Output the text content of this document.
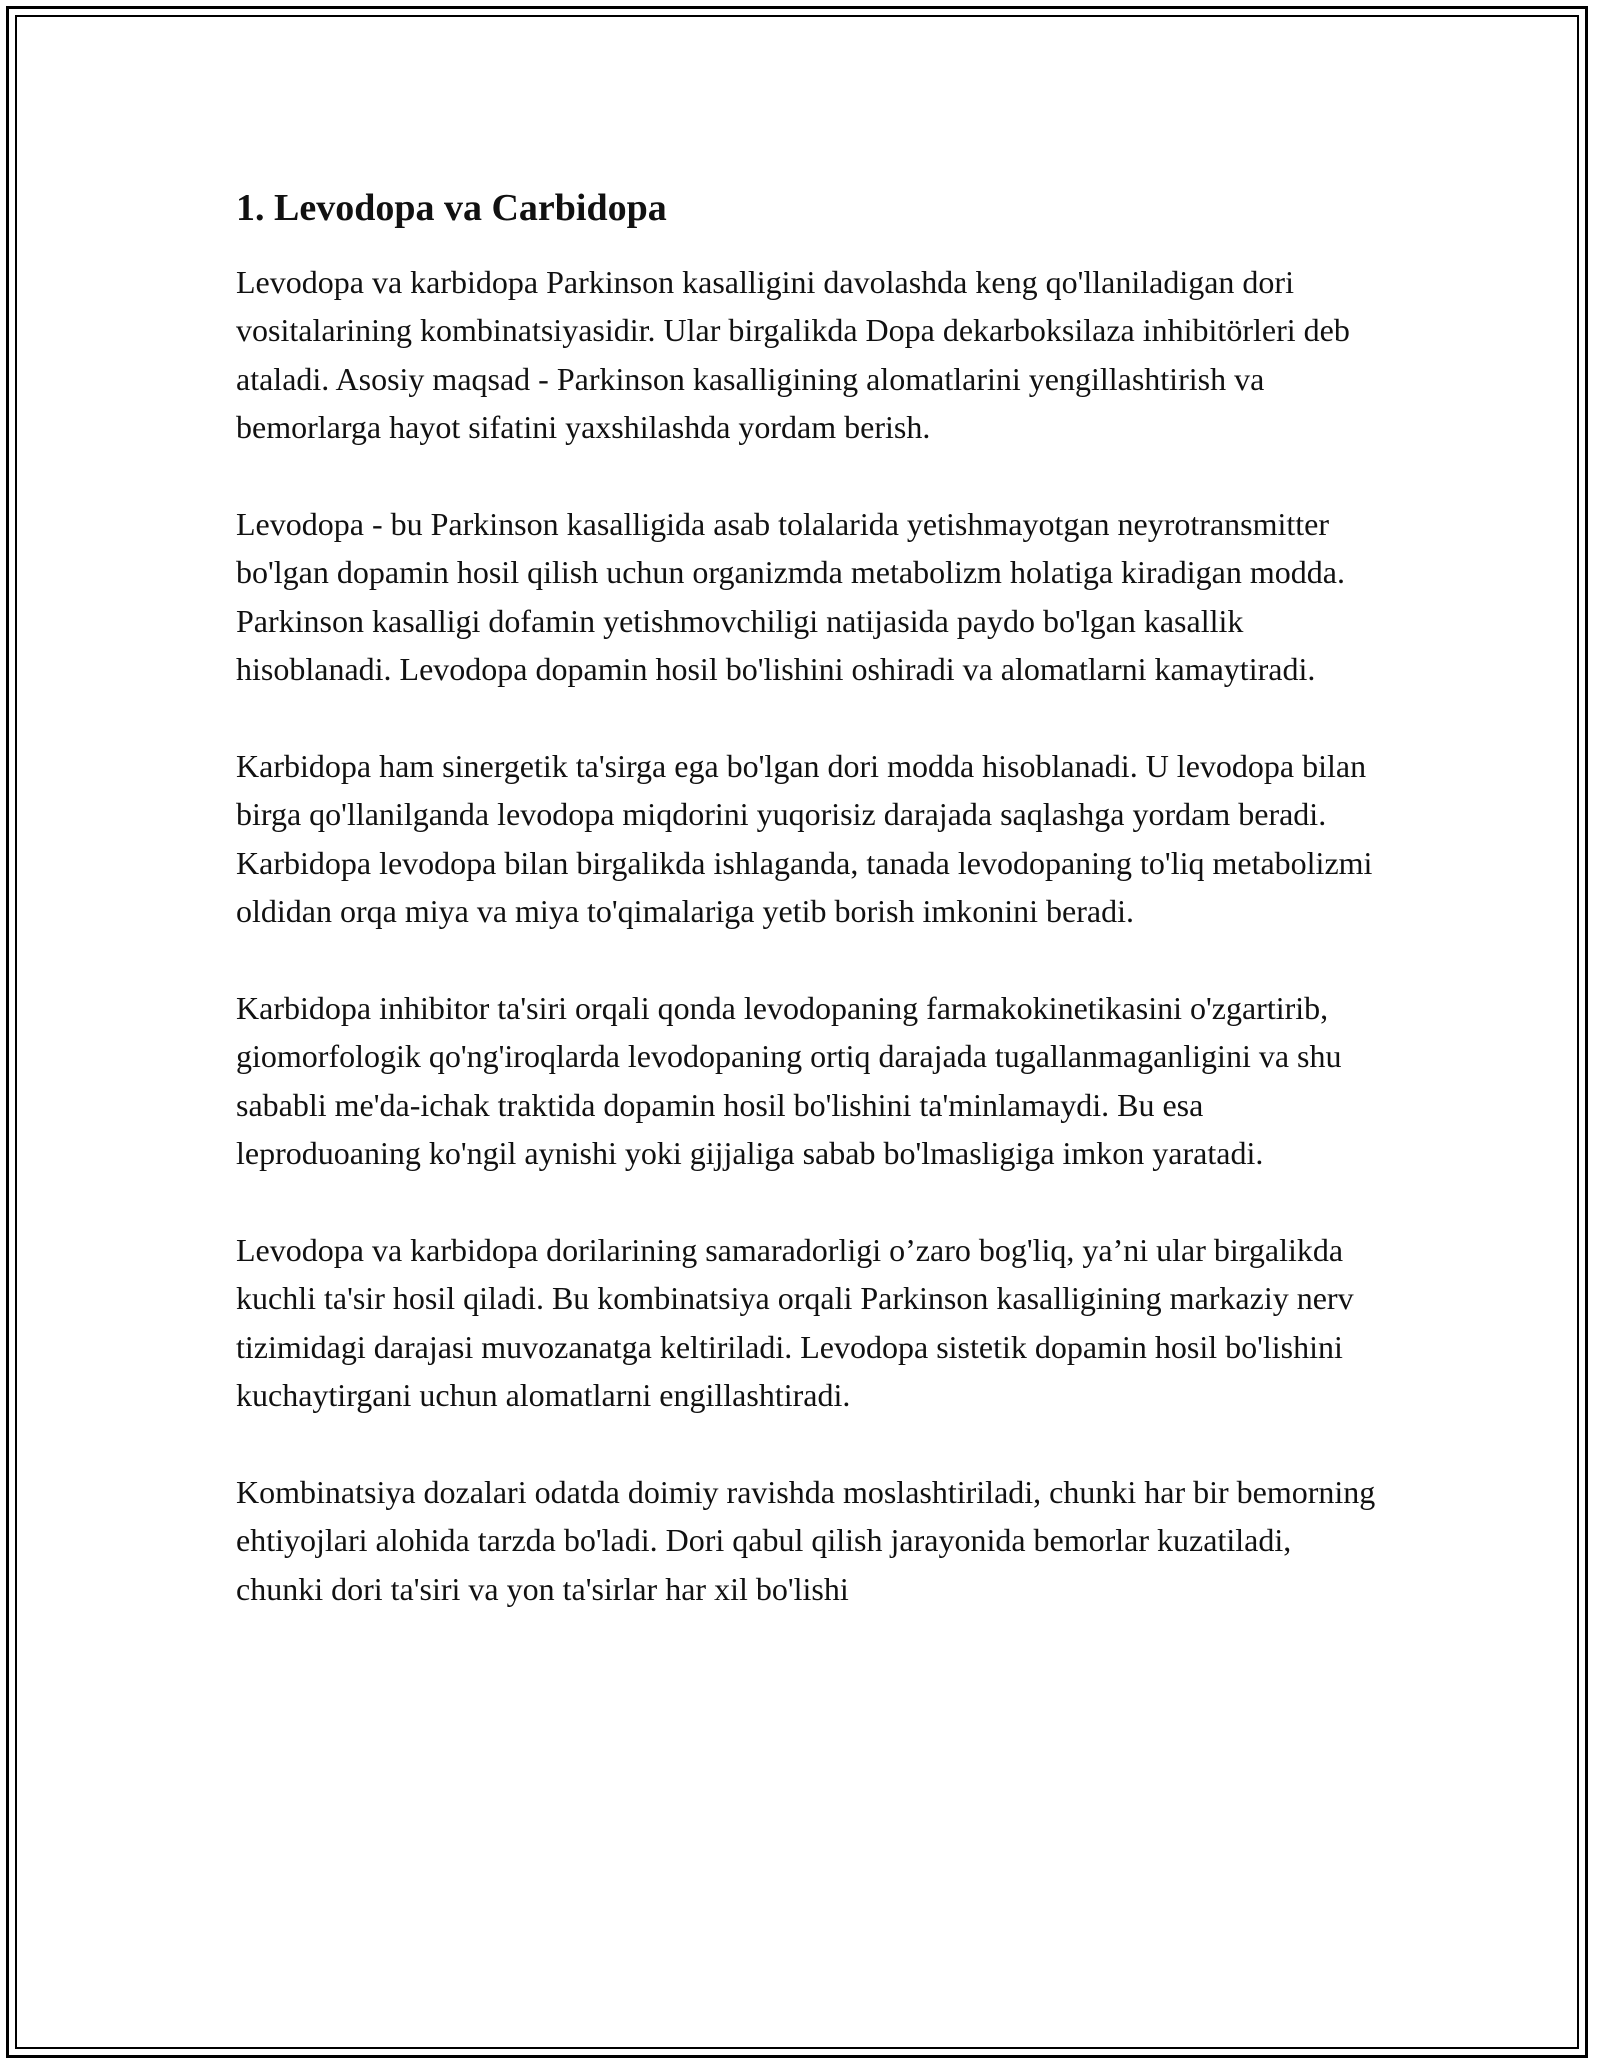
1. Levodopa va Carbidopa

Levodopa va karbidopa Parkinson kasalligini davolashda keng qo'llaniladigan dori vositalarining kombinatsiyasidir. Ular birgalikda Dopa dekarboksilaza inhibitörleri deb ataladi. Asosiy maqsad - Parkinson kasalligining alomatlarini yengillashtirish va bemorlarga hayot sifatini yaxshilashda yordam berish.

Levodopa - bu Parkinson kasalligida asab tolalarida yetishmayotgan neyrotransmitter bo'lgan dopamin hosil qilish uchun organizmda metabolizm holatiga kiradigan modda. Parkinson kasalligi dofamin yetishmovchiligi natijasida paydo bo'lgan kasallik hisoblanadi. Levodopa dopamin hosil bo'lishini oshiradi va alomatlarni kamaytiradi.

Karbidopa ham sinergetik ta'sirga ega bo'lgan dori modda hisoblanadi. U levodopa bilan birga qo'llanilganda levodopa miqdorini yuqorisiz darajada saqlashga yordam beradi. Karbidopa levodopa bilan birgalikda ishlaganda, tanada levodopaning to'liq metabolizmi oldidan orqa miya va miya to'qimalariga yetib borish imkonini beradi.

Karbidopa inhibitor ta'siri orqali qonda levodopaning farmakokinetikasini o'zgartirib, giomorfologik qo'ng'iroqlarda levodopaning ortiq darajada tugallanmaganligini va shu sababli me'da-ichak traktida dopamin hosil bo'lishini ta'minlamaydi. Bu esa leproduoaning ko'ngil aynishi yoki gijjaliga sabab bo'lmasligiga imkon yaratadi.

Levodopa va karbidopa dorilarining samaradorligi o’zaro bog'liq, ya’ni ular birgalikda kuchli ta'sir hosil qiladi. Bu kombinatsiya orqali Parkinson kasalligining markaziy nerv tizimidagi darajasi muvozanatga keltiriladi. Levodopa sistetik dopamin hosil bo'lishini kuchaytirgani uchun alomatlarni engillashtiradi.

Kombinatsiya dozalari odatda doimiy ravishda moslashtiriladi, chunki har bir bemorning ehtiyojlari alohida tarzda bo'ladi. Dori qabul qilish jarayonida bemorlar kuzatiladi, chunki dori ta'siri va yon ta'sirlar har xil bo'lishi
